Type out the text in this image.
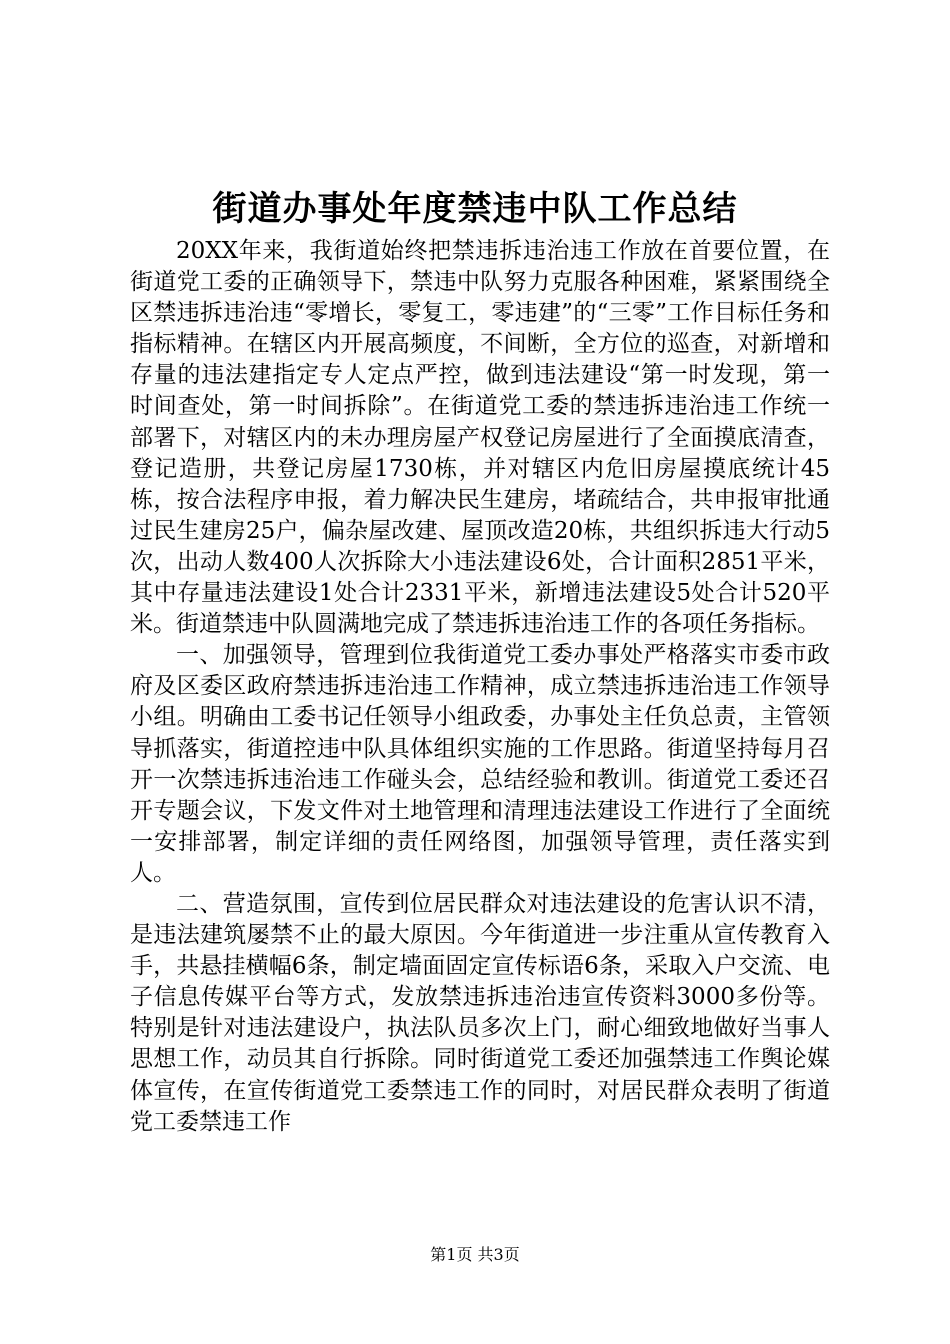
街道办事处年度禁违中队工作总结

20XX年来，我街道始终把禁违拆违治违工作放在首要位置，在街道党工委的正确领导下，禁违中队努力克服各种困难，紧紧围绕全区禁违拆违治违“零增长，零复工，零违建”的“三零”工作目标任务和指标精神。在辖区内开展高频度，不间断，全方位的巡查，对新增和存量的违法建指定专人定点严控，做到违法建设“第一时发现，第一时间查处，第一时间拆除”。在街道党工委的禁违拆违治违工作统一部署下，对辖区内的未办理房屋产权登记房屋进行了全面摸底清查，登记造册，共登记房屋1730栋，并对辖区内危旧房屋摸底统计45栋，按合法程序申报，着力解决民生建房，堵疏结合，共申报审批通过民生建房25户，偏杂屋改建、屋顶改造20栋，共组织拆违大行动5次，出动人数400人次拆除大小违法建设6处，合计面积2851平米，其中存量违法建设1处合计2331平米，新增违法建设5处合计520平米。街道禁违中队圆满地完成了禁违拆违治违工作的各项任务指标。

一、加强领导，管理到位我街道党工委办事处严格落实市委市政府及区委区政府禁违拆违治违工作精神，成立禁违拆违治违工作领导小组。明确由工委书记任领导小组政委，办事处主任负总责，主管领导抓落实，街道控违中队具体组织实施的工作思路。街道坚持每月召开一次禁违拆违治违工作碰头会，总结经验和教训。街道党工委还召开专题会议，下发文件对土地管理和清理违法建设工作进行了全面统一安排部署，制定详细的责任网络图，加强领导管理，责任落实到人。

二、营造氛围，宣传到位居民群众对违法建设的危害认识不清，是违法建筑屡禁不止的最大原因。今年街道进一步注重从宣传教育入手，共悬挂横幅6条，制定墙面固定宣传标语6条，采取入户交流、电子信息传媒平台等方式，发放禁违拆违治违宣传资料3000多份等。特别是针对违法建设户，执法队员多次上门，耐心细致地做好当事人思想工作，动员其自行拆除。同时街道党工委还加强禁违工作舆论媒体宣传，在宣传街道党工委禁违工作的同时，对居民群众表明了街道党工委禁违工作

第1页 共3页
